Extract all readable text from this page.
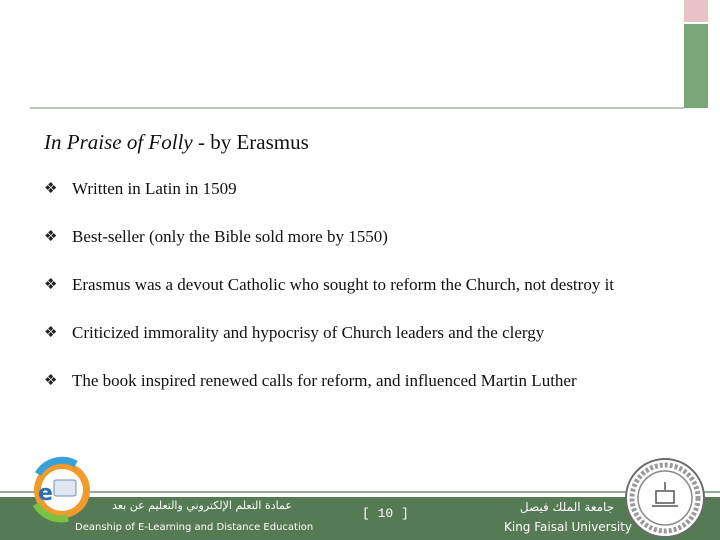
In Praise of Folly - by Erasmus
❖ Written in Latin in 1509
❖ Best-seller (only the Bible sold more by 1550)
❖ Erasmus was a devout Catholic who sought to reform the Church, not destroy it
❖ Criticized immorality and hypocrisy of Church leaders and the clergy
❖ The book inspired renewed calls for reform, and influenced Martin Luther
e	عمادة التعلم الإلكتروني والتعليم عن بعد
Deanship of E-Learning and Distance Education
[ 10 ]	جامعة الملك فيصل
King Faisal University
